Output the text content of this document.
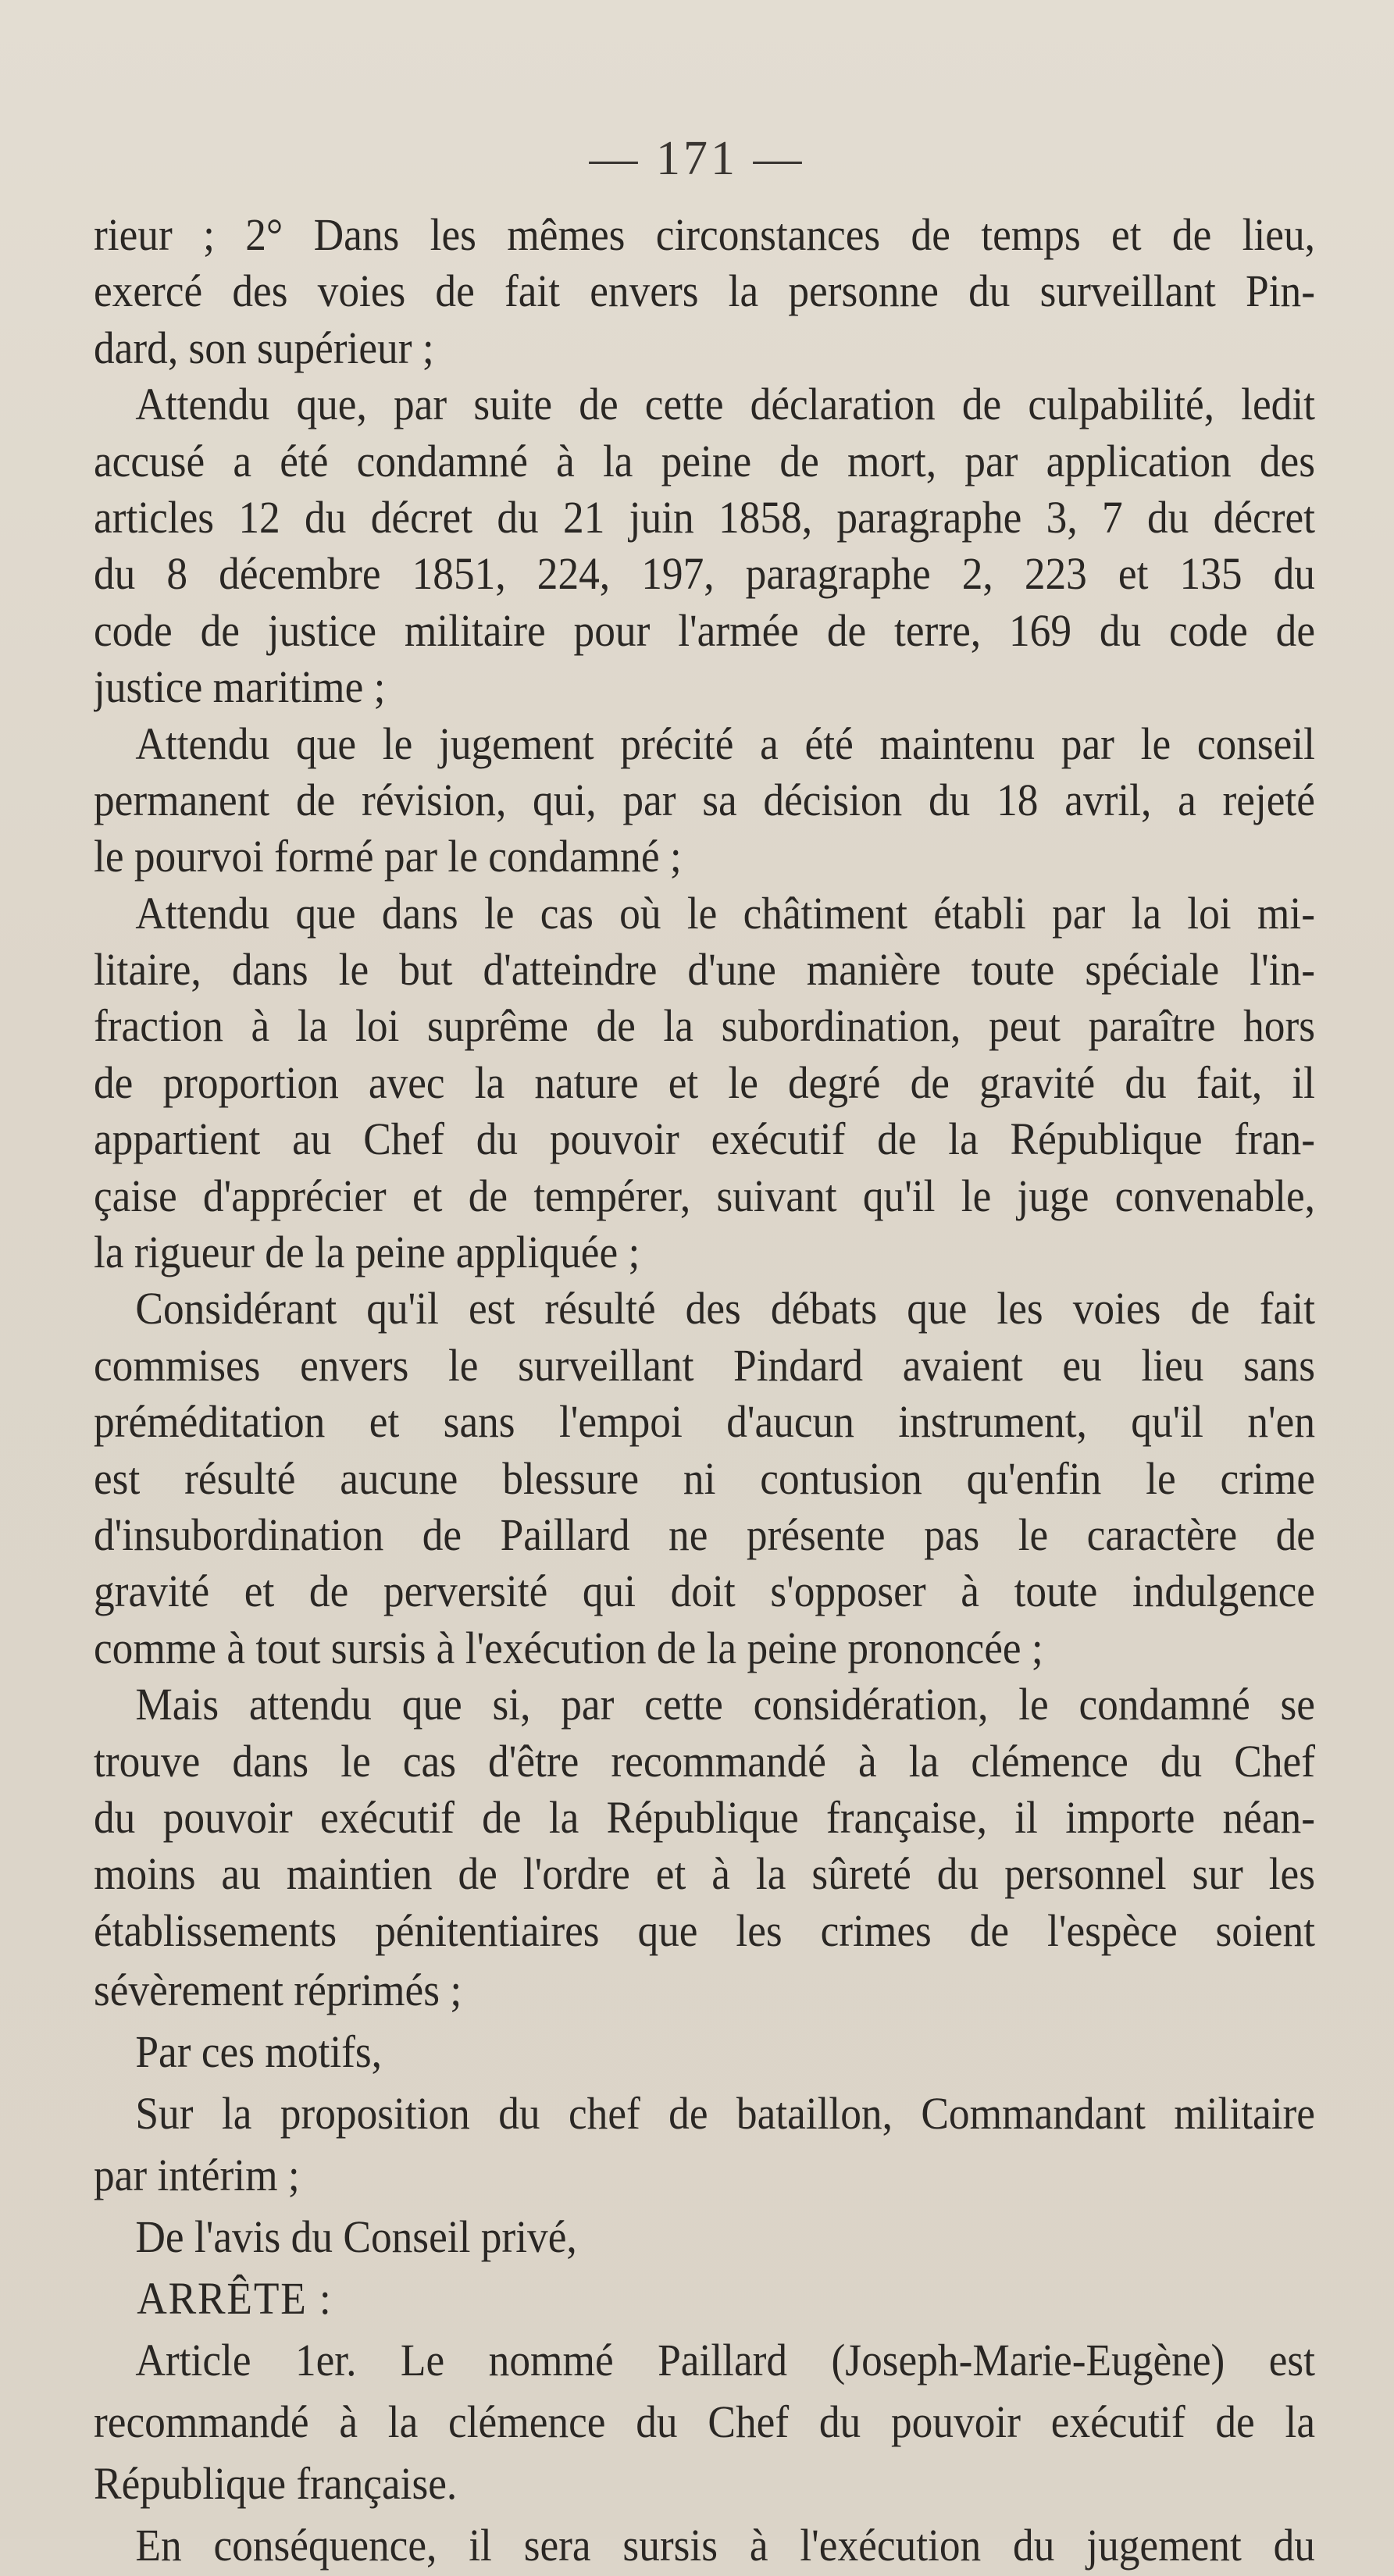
— 171 —
rieur ; 2° Dans les mêmes circonstances de temps et de lieu,
exercé des voies de fait envers la personne du surveillant Pin-
dard, son supérieur ;
 Attendu que, par suite de cette déclaration de culpabilité, ledit
accusé a été condamné à la peine de mort, par application des
articles 12 du décret du 21 juin 1858, paragraphe 3, 7 du décret
du 8 décembre 1851, 224, 197, paragraphe 2, 223 et 135 du
code de justice militaire pour l'armée de terre, 169 du code de
justice maritime ;
 Attendu que le jugement précité a été maintenu par le conseil
permanent de révision, qui, par sa décision du 18 avril, a rejeté
le pourvoi formé par le condamné ;
 Attendu que dans le cas où le châtiment établi par la loi mi-
litaire, dans le but d'atteindre d'une manière toute spéciale l'in-
fraction à la loi suprême de la subordination, peut paraître hors
de proportion avec la nature et le degré de gravité du fait, il
appartient au Chef du pouvoir exécutif de la République fran-
çaise d'apprécier et de tempérer, suivant qu'il le juge convenable,
la rigueur de la peine appliquée ;
 Considérant qu'il est résulté des débats que les voies de fait
commises envers le surveillant Pindard avaient eu lieu sans
préméditation et sans l'empoi d'aucun instrument, qu'il n'en
est résulté aucune blessure ni contusion qu'enfin le crime
d'insubordination de Paillard ne présente pas le caractère de
gravité et de perversité qui doit s'opposer à toute indulgence
comme à tout sursis à l'exécution de la peine prononcée ;
 Mais attendu que si, par cette considération, le condamné se
trouve dans le cas d'être recommandé à la clémence du Chef
du pouvoir exécutif de la République française, il importe néan-
moins au maintien de l'ordre et à la sûreté du personnel sur les
établissements pénitentiaires que les crimes de l'espèce soient
sévèrement réprimés ;
 Par ces motifs,
 Sur la proposition du chef de bataillon, Commandant militaire
par intérim ;
 De l'avis du Conseil privé,
 ARRÊTE :
 Article 1er. Le nommé Paillard (Joseph-Marie-Eugène) est
recommandé à la clémence du Chef du pouvoir exécutif de la
République française.
 En conséquence, il sera sursis à l'exécution du jugement du
